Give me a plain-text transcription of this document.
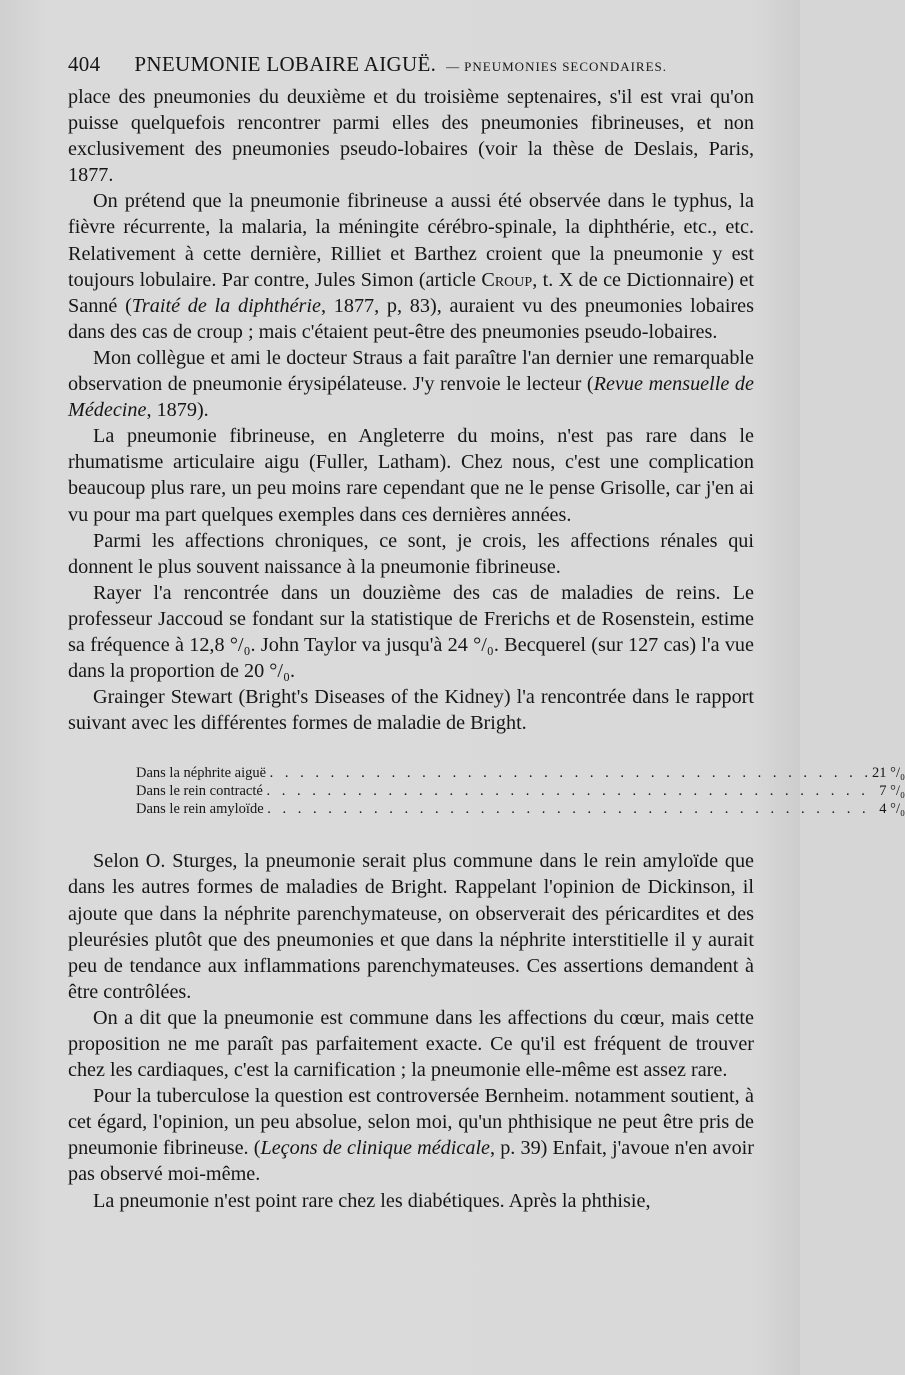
404 PNEUMONIE LOBAIRE AIGUË. — PNEUMONIES SECONDAIRES.

place des pneumonies du deuxième et du troisième septenaires, s'il est vrai qu'on puisse quelquefois rencontrer parmi elles des pneumonies fibrineuses, et non exclusivement des pneumonies pseudo-lobaires (voir la thèse de Deslais, Paris, 1877.

On prétend que la pneumonie fibrineuse a aussi été observée dans le typhus, la fièvre récurrente, la malaria, la méningite cérébro-spinale, la diphthérie, etc., etc. Relativement à cette dernière, Rilliet et Barthez croient que la pneumonie y est toujours lobulaire. Par contre, Jules Simon (article Croup, t. X de ce Dictionnaire) et Sanné (Traité de la diphthérie, 1877, p, 83), auraient vu des pneumonies lobaires dans des cas de croup ; mais c'étaient peut-être des pneumonies pseudo-lobaires.

Mon collègue et ami le docteur Straus a fait paraître l'an dernier une remarquable observation de pneumonie érysipélateuse. J'y renvoie le lecteur (Revue mensuelle de Médecine, 1879).

La pneumonie fibrineuse, en Angleterre du moins, n'est pas rare dans le rhumatisme articulaire aigu (Fuller, Latham). Chez nous, c'est une complication beaucoup plus rare, un peu moins rare cependant que ne le pense Grisolle, car j'en ai vu pour ma part quelques exemples dans ces dernières années.

Parmi les affections chroniques, ce sont, je crois, les affections rénales qui donnent le plus souvent naissance à la pneumonie fibrineuse.

Rayer l'a rencontrée dans un douzième des cas de maladies de reins. Le professeur Jaccoud se fondant sur la statistique de Frerichs et de Rosenstein, estime sa fréquence à 12,8 °/₀. John Taylor va jusqu'à 24 °/₀. Becquerel (sur 127 cas) l'a vue dans la proportion de 20 °/₀.

Grainger Stewart (Bright's Diseases of the Kidney) l'a rencontrée dans le rapport suivant avec les différentes formes de maladie de Bright.

Dans la néphrite aiguë . . . . . . . . . . . . . . . . . . . . . . . . . . . . . . . . . . . . . . . .	21 °/₀
Dans le rein contracté . . . . . . . . . . . . . . . . . . . . . . . . . . . . . . . . . . . . . . . .	7 °/₀
Dans le rein amyloïde . . . . . . . . . . . . . . . . . . . . . . . . . . . . . . . . . . . . . . . .	4 °/₀

Selon O. Sturges, la pneumonie serait plus commune dans le rein amyloïde que dans les autres formes de maladies de Bright. Rappelant l'opinion de Dickinson, il ajoute que dans la néphrite parenchymateuse, on observerait des péricardites et des pleurésies plutôt que des pneumonies et que dans la néphrite interstitielle il y aurait peu de tendance aux inflammations parenchymateuses. Ces assertions demandent à être contrôlées.

On a dit que la pneumonie est commune dans les affections du cœur, mais cette proposition ne me paraît pas parfaitement exacte. Ce qu'il est fréquent de trouver chez les cardiaques, c'est la carnification ; la pneumonie elle-même est assez rare.

Pour la tuberculose la question est controversée Bernheim. notamment soutient, à cet égard, l'opinion, un peu absolue, selon moi, qu'un phthisique ne peut être pris de pneumonie fibrineuse. (Leçons de clinique médicale, p. 39) Enfait, j'avoue n'en avoir pas observé moi-même.

La pneumonie n'est point rare chez les diabétiques. Après la phthisie,
